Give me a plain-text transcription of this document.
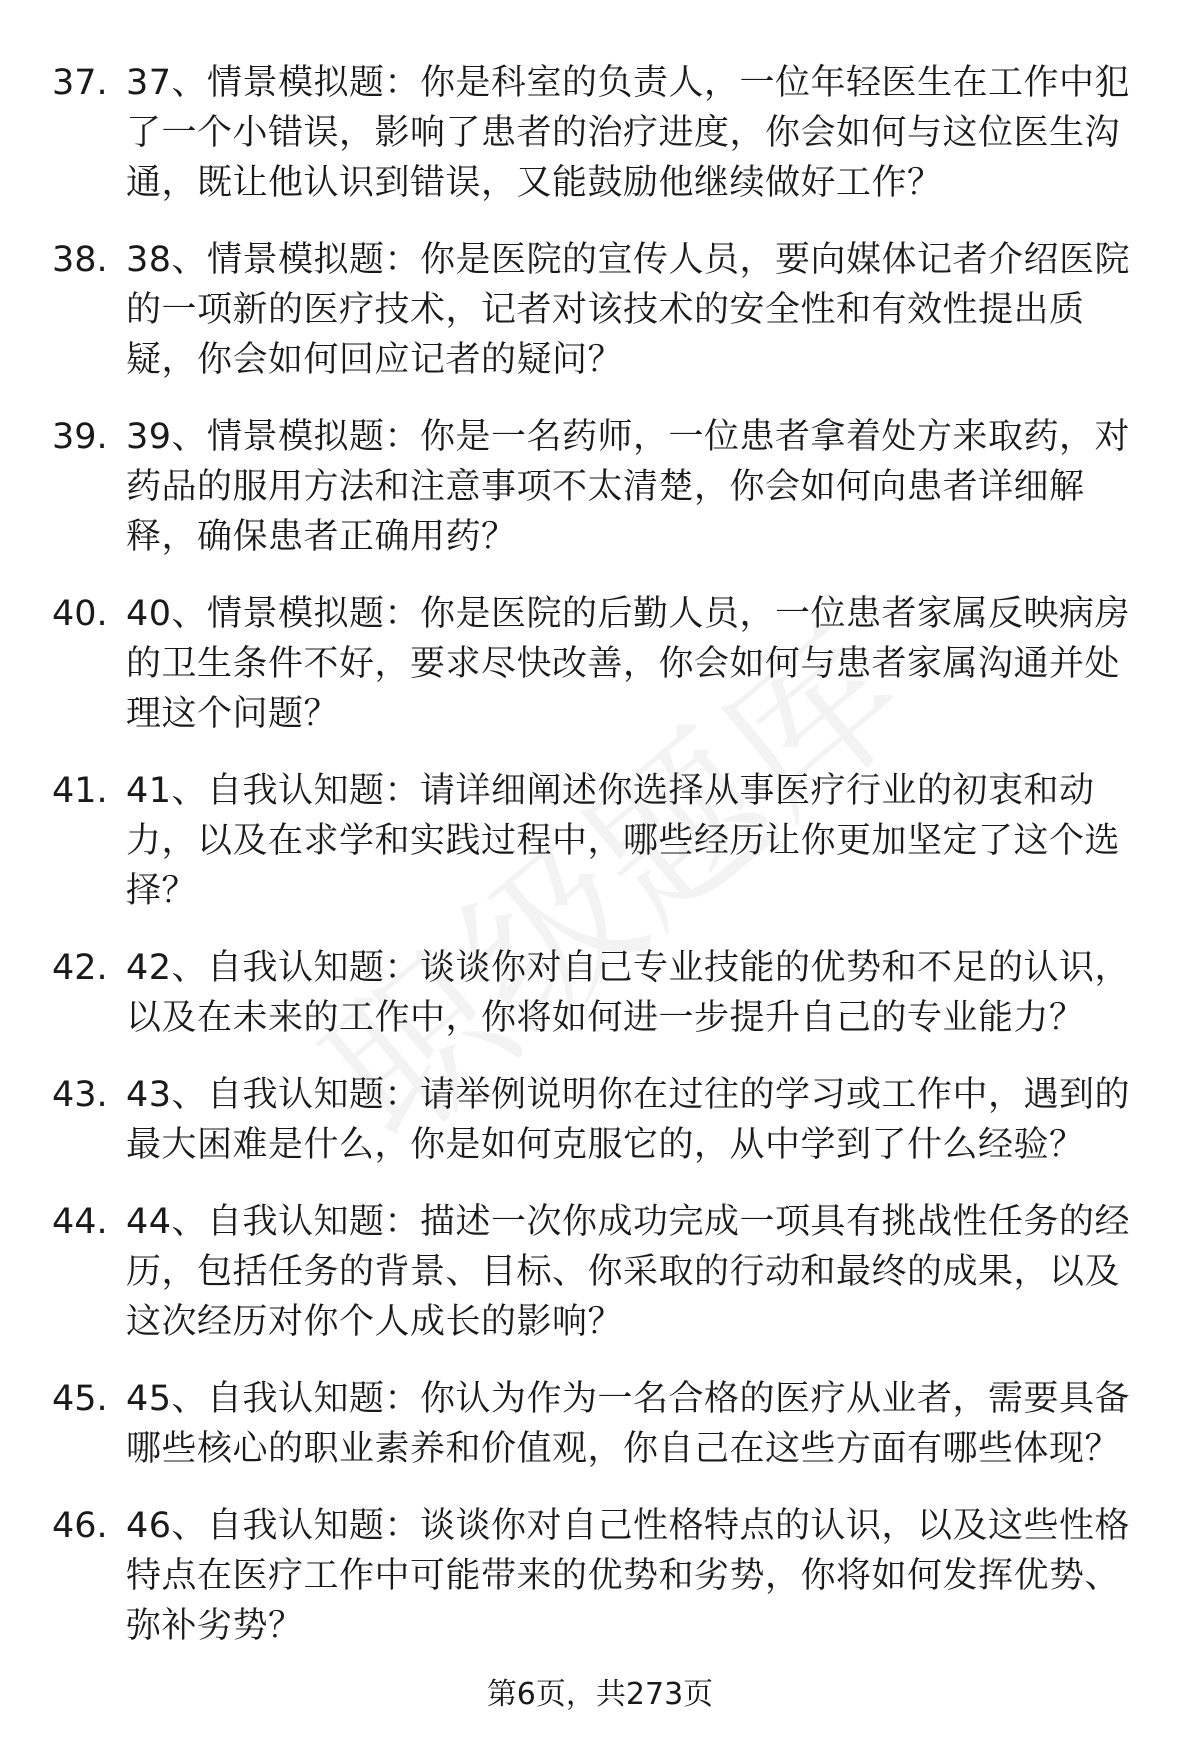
37. 37、情景模拟题：你是科室的负责人，一位年轻医生在工作中犯了一个小错误，影响了患者的治疗进度，你会如何与这位医生沟通，既让他认识到错误，又能鼓励他继续做好工作？
38. 38、情景模拟题：你是医院的宣传人员，要向媒体记者介绍医院的一项新的医疗技术，记者对该技术的安全性和有效性提出质疑，你会如何回应记者的疑问？
39. 39、情景模拟题：你是一名药师，一位患者拿着处方来取药，对药品的服用方法和注意事项不太清楚，你会如何向患者详细解释，确保患者正确用药？
40. 40、情景模拟题：你是医院的后勤人员，一位患者家属反映病房的卫生条件不好，要求尽快改善，你会如何与患者家属沟通并处理这个问题？
41. 41、自我认知题：请详细阐述你选择从事医疗行业的初衷和动力，以及在求学和实践过程中，哪些经历让你更加坚定了这个选择？
42. 42、自我认知题：谈谈你对自己专业技能的优势和不足的认识，以及在未来的工作中，你将如何进一步提升自己的专业能力？
43. 43、自我认知题：请举例说明你在过往的学习或工作中，遇到的最大困难是什么，你是如何克服它的，从中学到了什么经验？
44. 44、自我认知题：描述一次你成功完成一项具有挑战性任务的经历，包括任务的背景、目标、你采取的行动和最终的成果，以及这次经历对你个人成长的影响？
45. 45、自我认知题：你认为作为一名合格的医疗从业者，需要具备哪些核心的职业素养和价值观，你自己在这些方面有哪些体现？
46. 46、自我认知题：谈谈你对自己性格特点的认识，以及这些性格特点在医疗工作中可能带来的优势和劣势，你将如何发挥优势、弥补劣势？
第6页，共273页
